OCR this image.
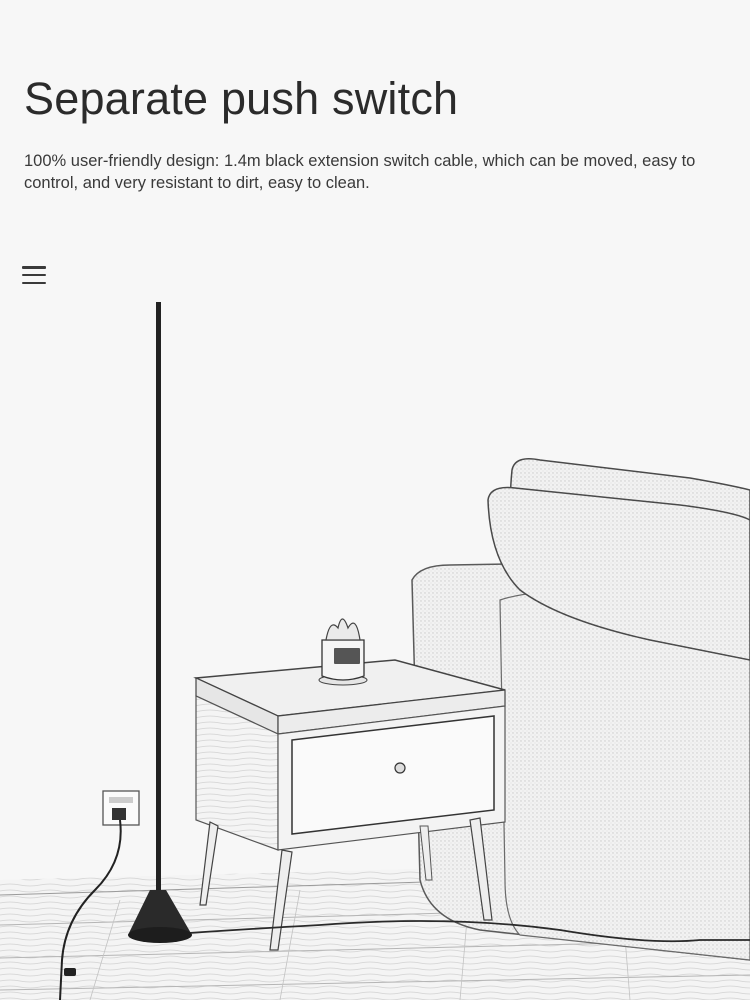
Separate push switch
100% user-friendly design: 1.4m black extension switch cable, which can be moved, easy to control, and very resistant to dirt, easy to clean.
